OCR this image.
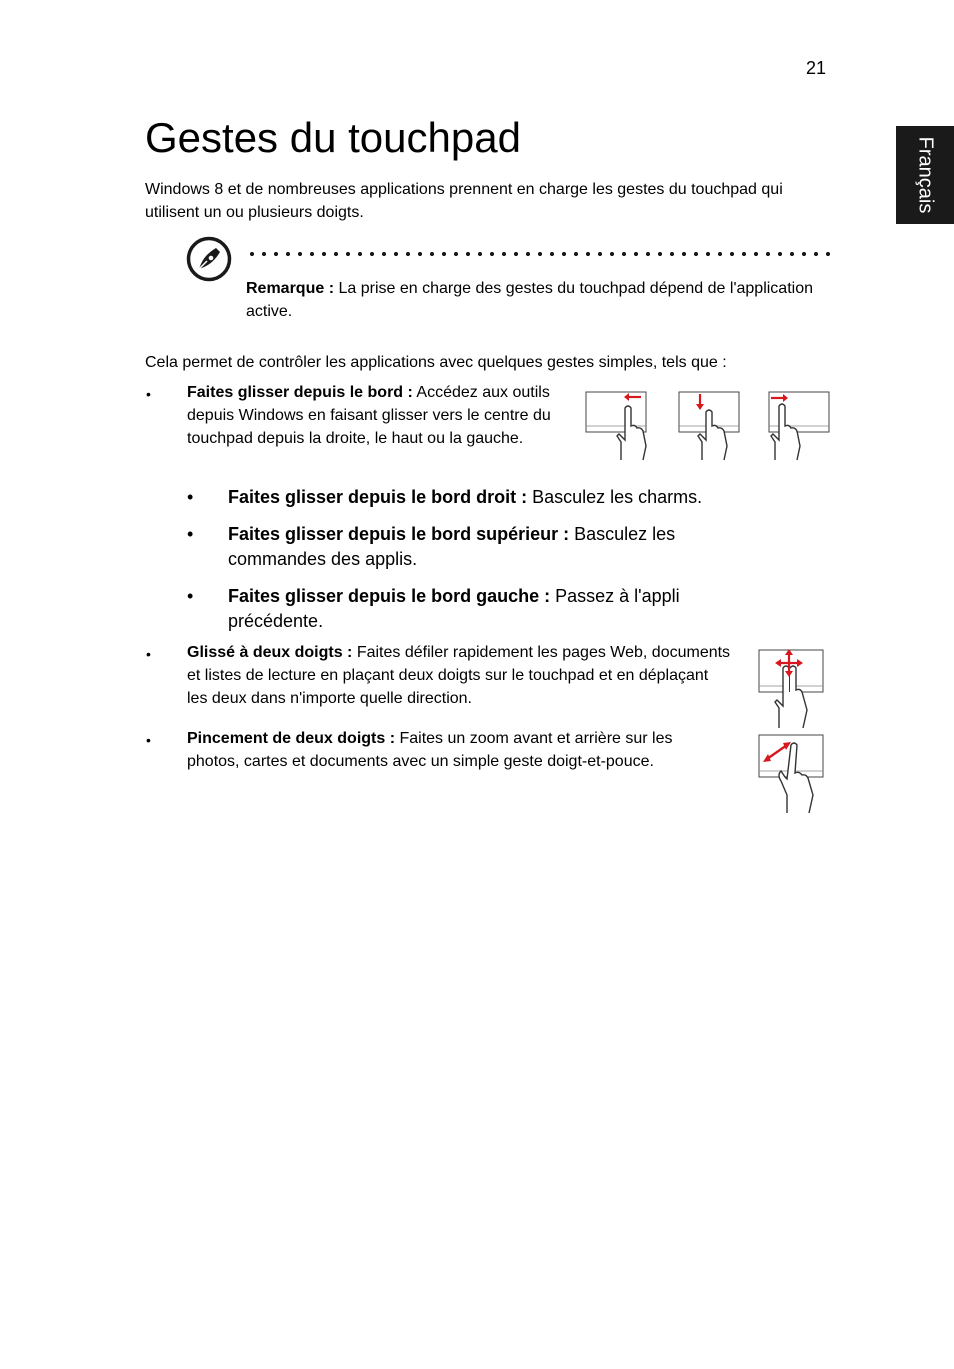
21
Français
Gestes du touchpad
Windows 8 et de nombreuses applications prennent en charge les gestes du touchpad qui utilisent un ou plusieurs doigts.
Remarque : La prise en charge des gestes du touchpad dépend de l'application active.
Cela permet de contrôler les applications avec quelques gestes simples, tels que :
• Faites glisser depuis le bord : Accédez aux outils depuis Windows en faisant glisser vers le centre du touchpad depuis la droite, le haut ou la gauche.
• Faites glisser depuis le bord droit : Basculez les charms.
• Faites glisser depuis le bord supérieur : Basculez les commandes des applis.
• Faites glisser depuis le bord gauche : Passez à l'appli précédente.
• Glissé à deux doigts : Faites défiler rapidement les pages Web, documents et listes de lecture en plaçant deux doigts sur le touchpad et en déplaçant les deux dans n'importe quelle direction.
• Pincement de deux doigts : Faites un zoom avant et arrière sur les photos, cartes et documents avec un simple geste doigt-et-pouce.
